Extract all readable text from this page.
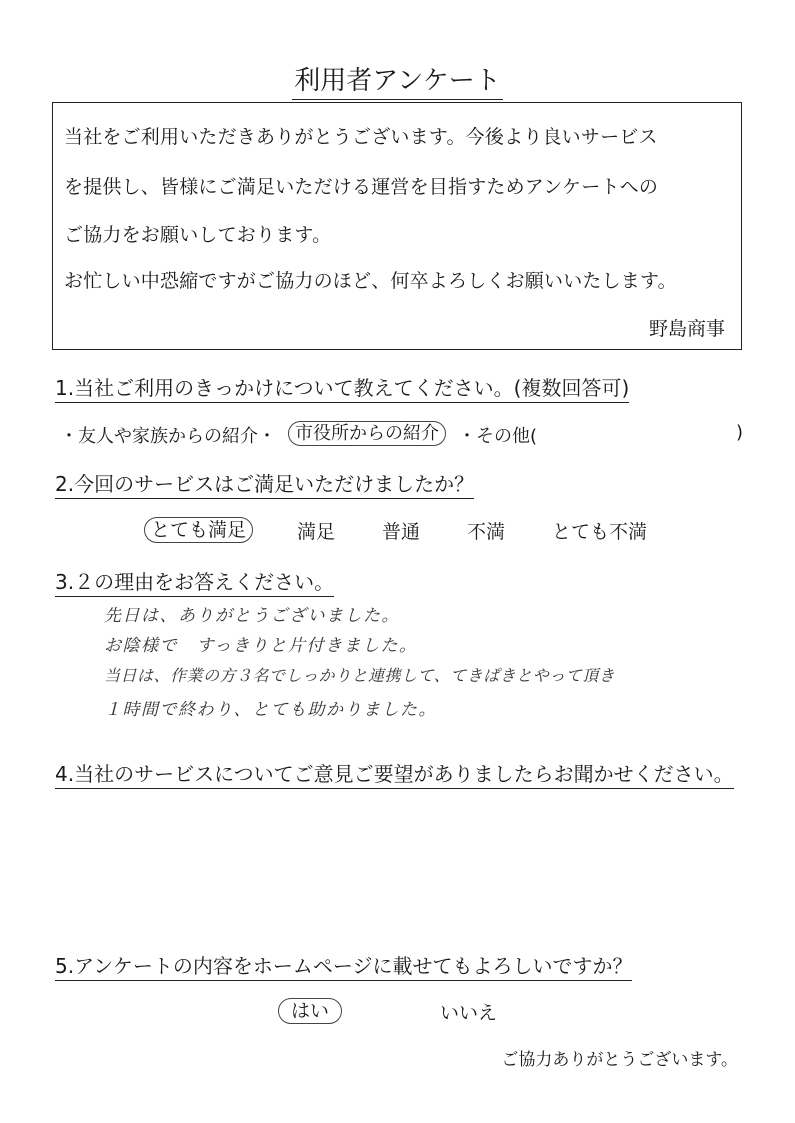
利用者アンケート
当社をご利用いただきありがとうございます。今後より良いサービス
を提供し、皆様にご満足いただける運営を目指すためアンケートへの
ご協力をお願いしております。
お忙しい中恐縮ですがご協力のほど、何卒よろしくお願いいたします。
野島商事
1.当社ご利用のきっかけについて教えてください。(複数回答可)
・友人や家族からの紹介・	市役所からの紹介	・その他(	)
2.今回のサービスはご満足いただけましたか？
とても満足	満足 普通 不満 とても不満
3.２の理由をお答えください。
先日は、ありがとうございました。
お陰様で　すっきりと片付きました。
当日は、作業の方３名でしっかりと連携して、てきぱきとやって頂き
１時間で終わり、とても助かりました。
4.当社のサービスについてご意見ご要望がありましたらお聞かせください。
5.アンケートの内容をホームページに載せてもよろしいですか？
はい	いいえ
ご協力ありがとうございます。
